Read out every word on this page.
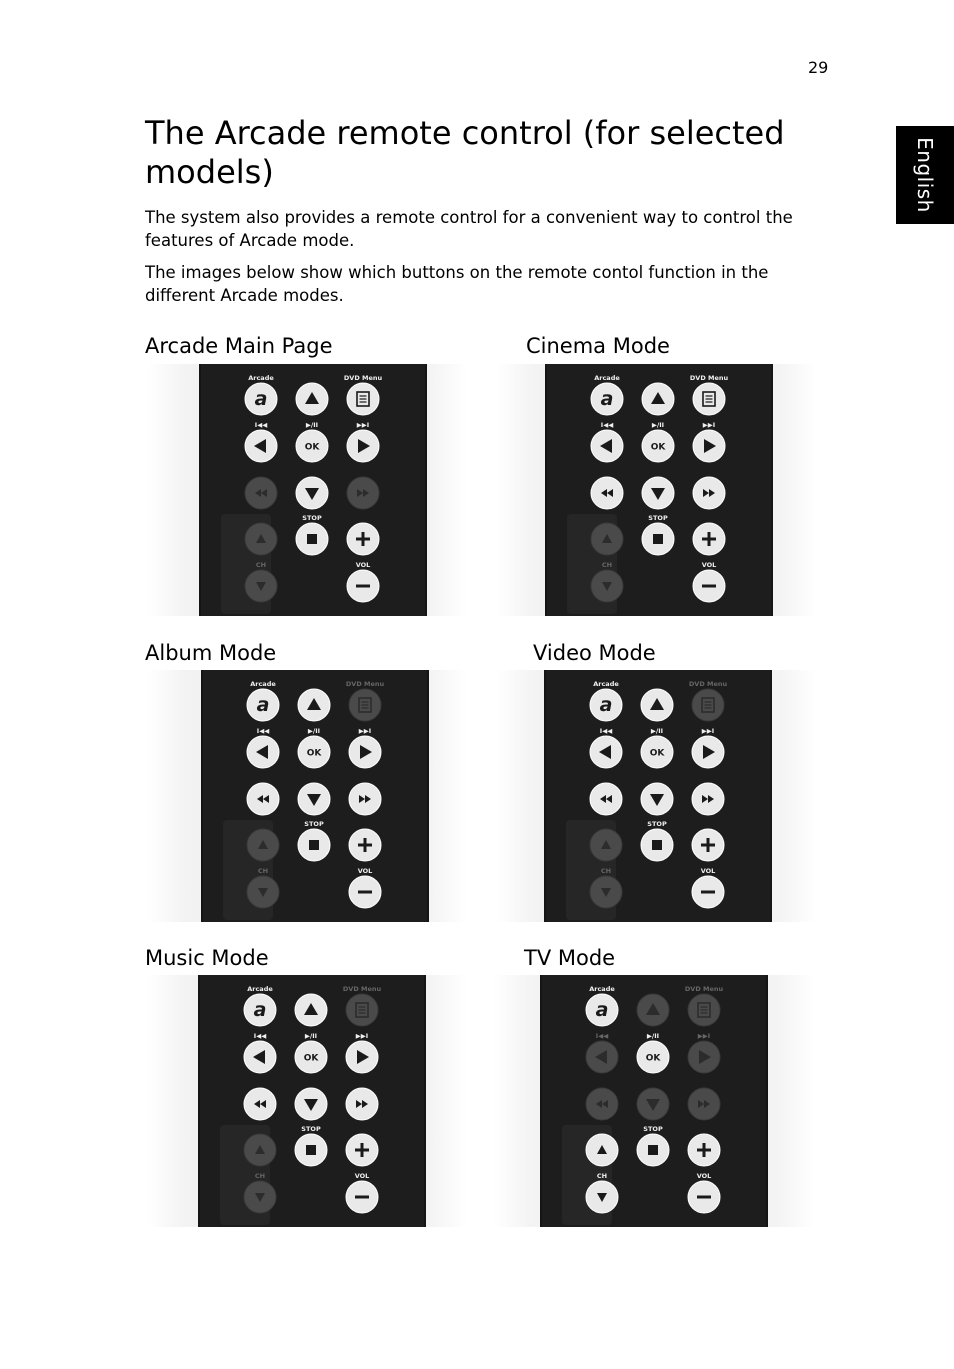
29
English
The Arcade remote control (for selected models)

The system also provides a remote control for a convenient way to control the features of Arcade mode.

The images below show which buttons on the remote contol function in the different Arcade modes.

Arcade Main Page	Cinema Mode
Arcade
a
DVD Menu
I◀◀	▶/II
OK
▶▶I
STOP
CH	VOL
Arcade
a
DVD Menu
I◀◀	▶/II
OK
▶▶I
STOP
CH	VOL
Album Mode	Video Mode
Arcade
a
DVD Menu
I◀◀	▶/II
OK
▶▶I
STOP
CH	VOL
Arcade
a
DVD Menu
I◀◀	▶/II
OK
▶▶I
STOP
CH	VOL
Music Mode	TV Mode
Arcade
a
DVD Menu
I◀◀	▶/II
OK
▶▶I
STOP
CH	VOL
Arcade
a
DVD Menu
I◀◀	▶/II
OK
▶▶I
STOP
CH	VOL
